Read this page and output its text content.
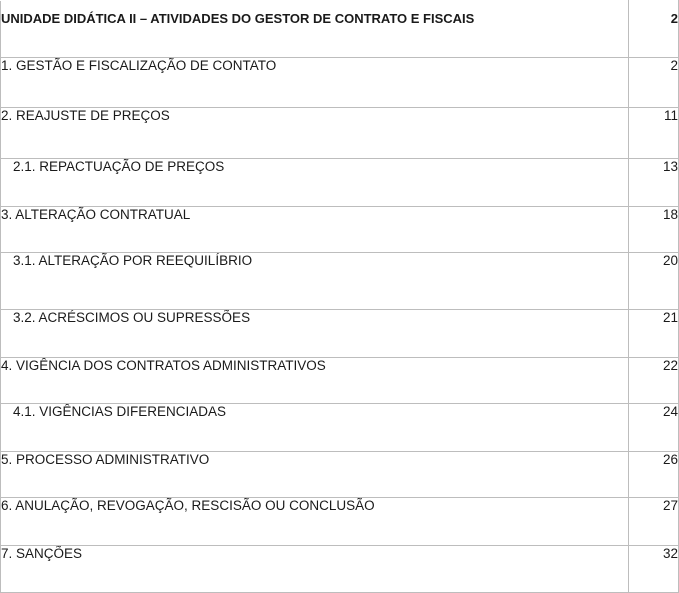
UNIDADE DIDÁTICA II – ATIVIDADES DO GESTOR DE CONTRATO E FISCAIS	2
1. GESTÃO E FISCALIZAÇÃO DE CONTATO	2
2. REAJUSTE DE PREÇOS	11
2.1. REPACTUAÇÃO DE PREÇOS	13
3. ALTERAÇÃO CONTRATUAL	18
3.1. ALTERAÇÃO POR REEQUILÍBRIO	20
3.2. ACRÉSCIMOS OU SUPRESSÕES	21
4. VIGÊNCIA DOS CONTRATOS ADMINISTRATIVOS	22
4.1. VIGÊNCIAS DIFERENCIADAS	24
5. PROCESSO ADMINISTRATIVO	26
6. ANULAÇÃO, REVOGAÇÃO, RESCISÃO OU CONCLUSÃO	27
7. SANÇÕES	32
